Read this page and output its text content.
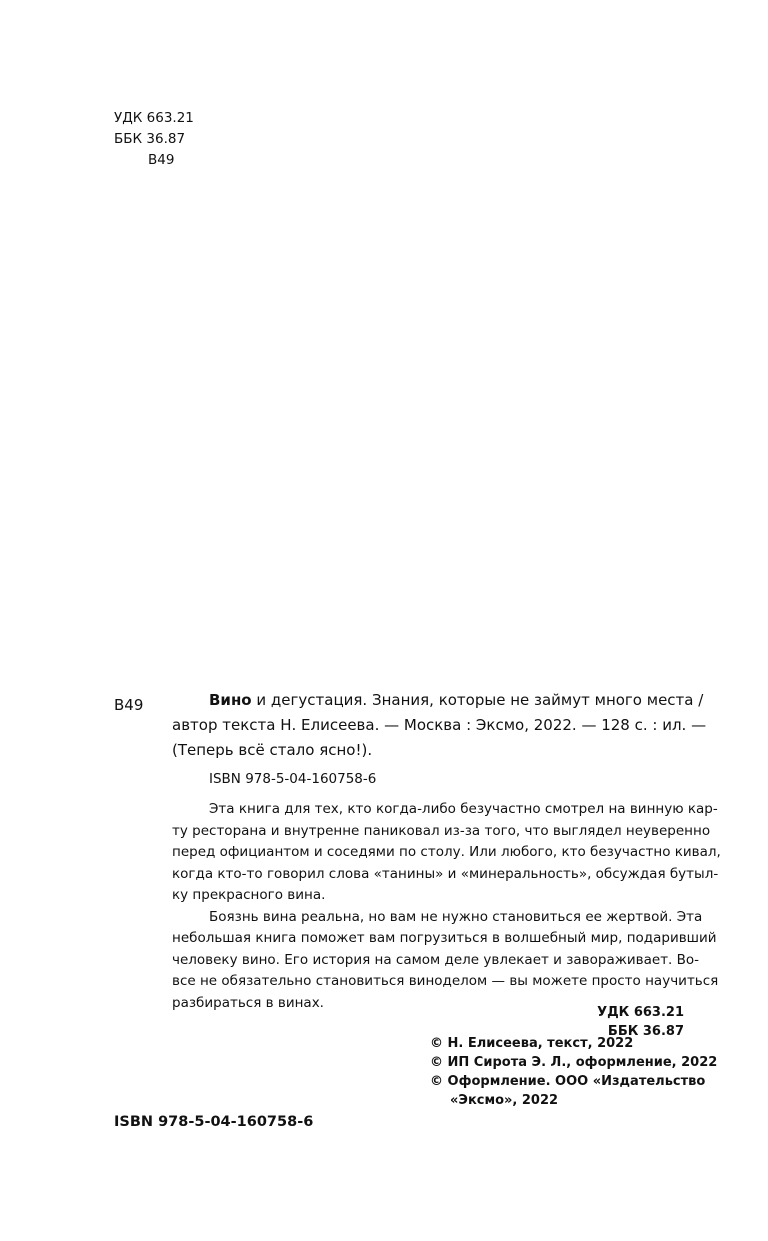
УДК 663.21
ББК 36.87
В49
В49	Вино и дегустация. Знания, которые не займут много места /
автор текста Н. Елисеева. — Москва : Эксмо, 2022. — 128 с. : ил. —
(Теперь всё стало ясно!).
ISBN 978-5-04-160758-6
Эта книга для тех, кто когда-либо безучастно смотрел на винную кар-
ту ресторана и внутренне паниковал из-за того, что выглядел неуверенно
перед официантом и соседями по столу. Или любого, кто безучастно кивал,
когда кто-то говорил слова «танины» и «минеральность», обсуждая бутыл-
ку прекрасного вина.
Боязнь вина реальна, но вам не нужно становиться ее жертвой. Эта
небольшая книга поможет вам погрузиться в волшебный мир, подаривший
человеку вино. Его история на самом деле увлекает и завораживает. Во-
все не обязательно становиться виноделом — вы можете просто научиться
разбираться в винах.
УДК 663.21
ББК 36.87
© Н. Елисеева, текст, 2022
© ИП Сирота Э. Л., оформление, 2022
© Оформление. ООО «Издательство
«Эксмо», 2022
ISBN 978-5-04-160758-6
